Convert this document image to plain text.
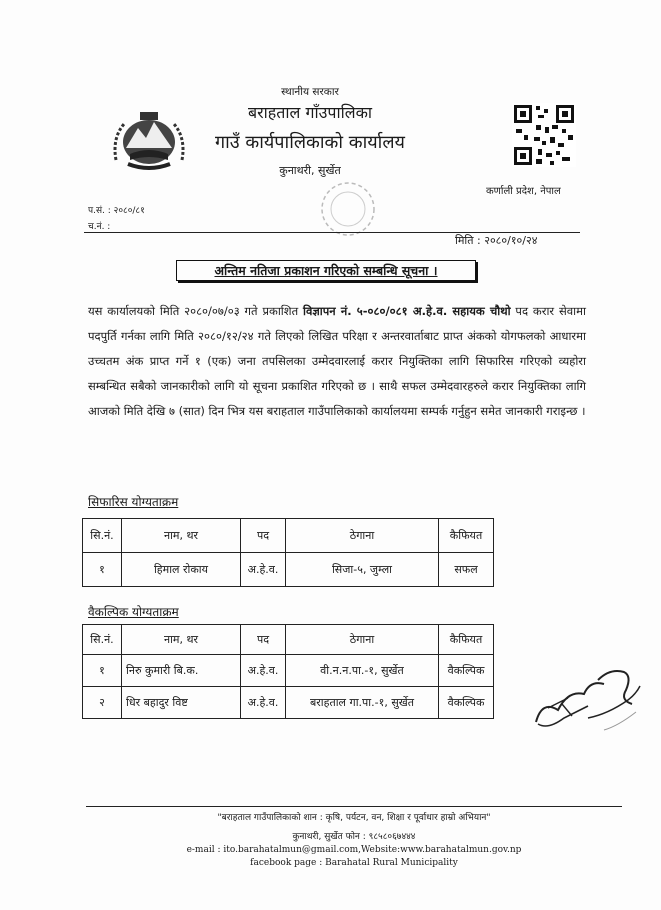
स्थानीय सरकार
बराहताल गाँउपालिका
गाउँ कार्यपालिकाको कार्यालय
कुनाथरी, सुर्खेत
कर्णाली प्रदेश, नेपाल
प.सं. : २०८०/८१
च.नं. :
मिति : २०८०/१०/२४
अन्तिम नतिजा प्रकाशन गरिएको सम्बन्धि सूचना ।
यस कार्यालयको मिति २०८०/०७/०३ गते प्रकाशित विज्ञापन नं. ५-०८०/०८१ अ.हे.व. सहायक चौथो पद करार सेवामा पदपुर्ति गर्नका लागि मिति २०८०/१२/२४ गते लिएको लिखित परिक्षा र अन्तरवार्ताबाट प्राप्त अंकको योगफलको आधारमा उच्चतम अंक प्राप्त गर्ने १ (एक) जना तपसिलका उम्मेदवारलाई करार नियुक्तिका लागि सिफारिस गरिएको व्यहोरा सम्बन्धित सबैको जानकारीको लागि यो सूचना प्रकाशित गरिएको छ । साथै सफल उम्मेदवारहरुले करार नियुक्तिका लागि आजको मिति देखि ७ (सात) दिन भित्र यस बराहताल गाउँपालिकाको कार्यालयमा सम्पर्क गर्नुहुन समेत जानकारी गराइन्छ ।
सिफारिस योग्यताक्रम
सि.नं.	नाम, थर	पद	ठेगाना	कैफियत
१	हिमाल रोकाय	अ.हे.व.	सिजा-५, जुम्ला	सफल
वैकल्पिक योग्यताक्रम
सि.नं.	नाम, थर	पद	ठेगाना	कैफियत
१	निरु कुमारी बि.क.	अ.हे.व.	वी.न.न.पा.-१, सुर्खेत	वैकल्पिक
२	धिर बहादुर विष्ट	अ.हे.व.	बराहताल गा.पा.-१, सुर्खेत	वैकल्पिक
"बराहताल गाउँपालिकाको शान : कृषि, पर्यटन, वन, शिक्षा र पूर्वाधार हाम्रो अभियान"
कुनाथरी, सुर्खेत फोन : ९८५८०६७४४४
e-mail : ito.barahatalmun@gmail.com,Website:www.barahatalmun.gov.np
facebook page : Barahatal Rural Municipality
